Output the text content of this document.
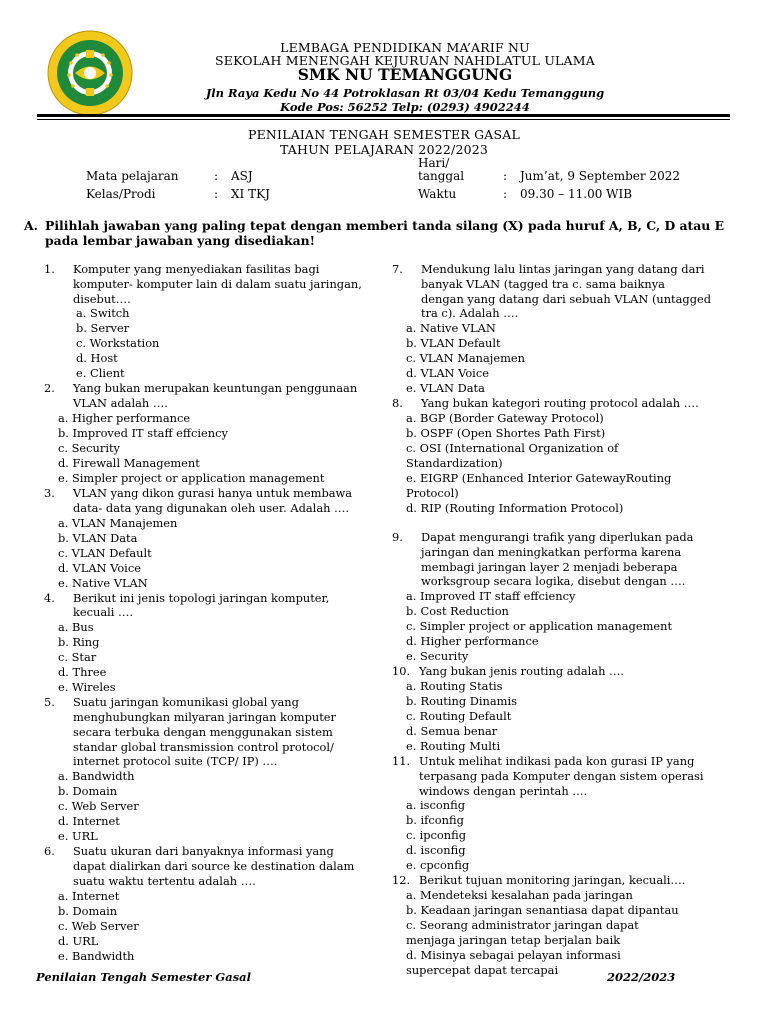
LEMBAGA PENDIDIKAN MA’ARIF NU
SEKOLAH MENENGAH KEJURUAN NAHDLATUL ULAMA
SMK NU TEMANGGUNG
Jln Raya Kedu No 44 Potroklasan Rt 03/04 Kedu Temanggung
Kode Pos: 56252 Telp: (0293) 4902244
PENILAIAN TENGAH SEMESTER GASAL
TAHUN PELAJARAN 2022/2023
Mata pelajaran	: ASJ
Kelas/Prodi	: XI TKJ
Hari/
tanggal	: Jum’at, 9 September 2022
Waktu	: 09.30 – 11.00 WIB
A. Pilihlah jawaban yang paling tepat dengan memberi tanda silang (X) pada huruf A, B, C, D atau E pada lembar jawaban yang disediakan!
1.	Komputer yang menyediakan fasilitas bagi
komputer- komputer lain di dalam suatu jaringan,
disebut….
a. Switch
b. Server
c. Workstation
d. Host
e. Client
2.	Yang bukan merupakan keuntungan penggunaan
VLAN adalah ….
a. Higher performance
b. Improved IT staff effciency
c. Security
d. Firewall Management
e. Simpler project or application management
3.	VLAN yang dikon gurasi hanya untuk membawa
data- data yang digunakan oleh user. Adalah ….
a. VLAN Manajemen
b. VLAN Data
c. VLAN Default
d. VLAN Voice
e. Native VLAN
4.	Berikut ini jenis topologi jaringan komputer,
kecuali ….
a. Bus
b. Ring
c. Star
d. Three
e. Wireles
5.	Suatu jaringan komunikasi global yang
menghubungkan milyaran jaringan komputer
secara terbuka dengan menggunakan sistem
standar global transmission control protocol/
internet protocol suite (TCP/ IP) ….
a. Bandwidth
b. Domain
c. Web Server
d. Internet
e. URL
6.	Suatu ukuran dari banyaknya informasi yang
dapat dialirkan dari source ke destination dalam
suatu waktu tertentu adalah ….
a. Internet
b. Domain
c. Web Server
d. URL
e. Bandwidth
7.	Mendukung lalu lintas jaringan yang datang dari
banyak VLAN (tagged tra c. sama baiknya
dengan yang datang dari sebuah VLAN (untagged
tra c). Adalah ….
a. Native VLAN
b. VLAN Default
c. VLAN Manajemen
d. VLAN Voice
e. VLAN Data
8.	Yang bukan kategori routing protocol adalah ….
a. BGP (Border Gateway Protocol)
b. OSPF (Open Shortes Path First)
c. OSI (International Organization of
Standardization)
e. EIGRP (Enhanced Interior GatewayRouting
Protocol)
d. RIP (Routing Information Protocol)
9.	Dapat mengurangi trafik yang diperlukan pada
jaringan dan meningkatkan performa karena
membagi jaringan layer 2 menjadi beberapa
worksgroup secara logika, disebut dengan ….
a. Improved IT staff effciency
b. Cost Reduction
c. Simpler project or application management
d. Higher performance
e. Security
10. Yang bukan jenis routing adalah ….
a. Routing Statis
b. Routing Dinamis
c. Routing Default
d. Semua benar
e. Routing Multi
11. Untuk melihat indikasi pada kon gurasi IP yang
terpasang pada Komputer dengan sistem operasi
windows dengan perintah ….
a. isconfig
b. ifconfig
c. ipconfig
d. isconfig
e. cpconfig
12. Berikut tujuan monitoring jaringan, kecuali….
a. Mendeteksi kesalahan pada jaringan
b. Keadaan jaringan senantiasa dapat dipantau
c. Seorang administrator jaringan dapat
menjaga jaringan tetap berjalan baik
d. Misinya sebagai pelayan informasi
supercepat dapat tercapai
Penilaian Tengah Semester Gasal	2022/2023
